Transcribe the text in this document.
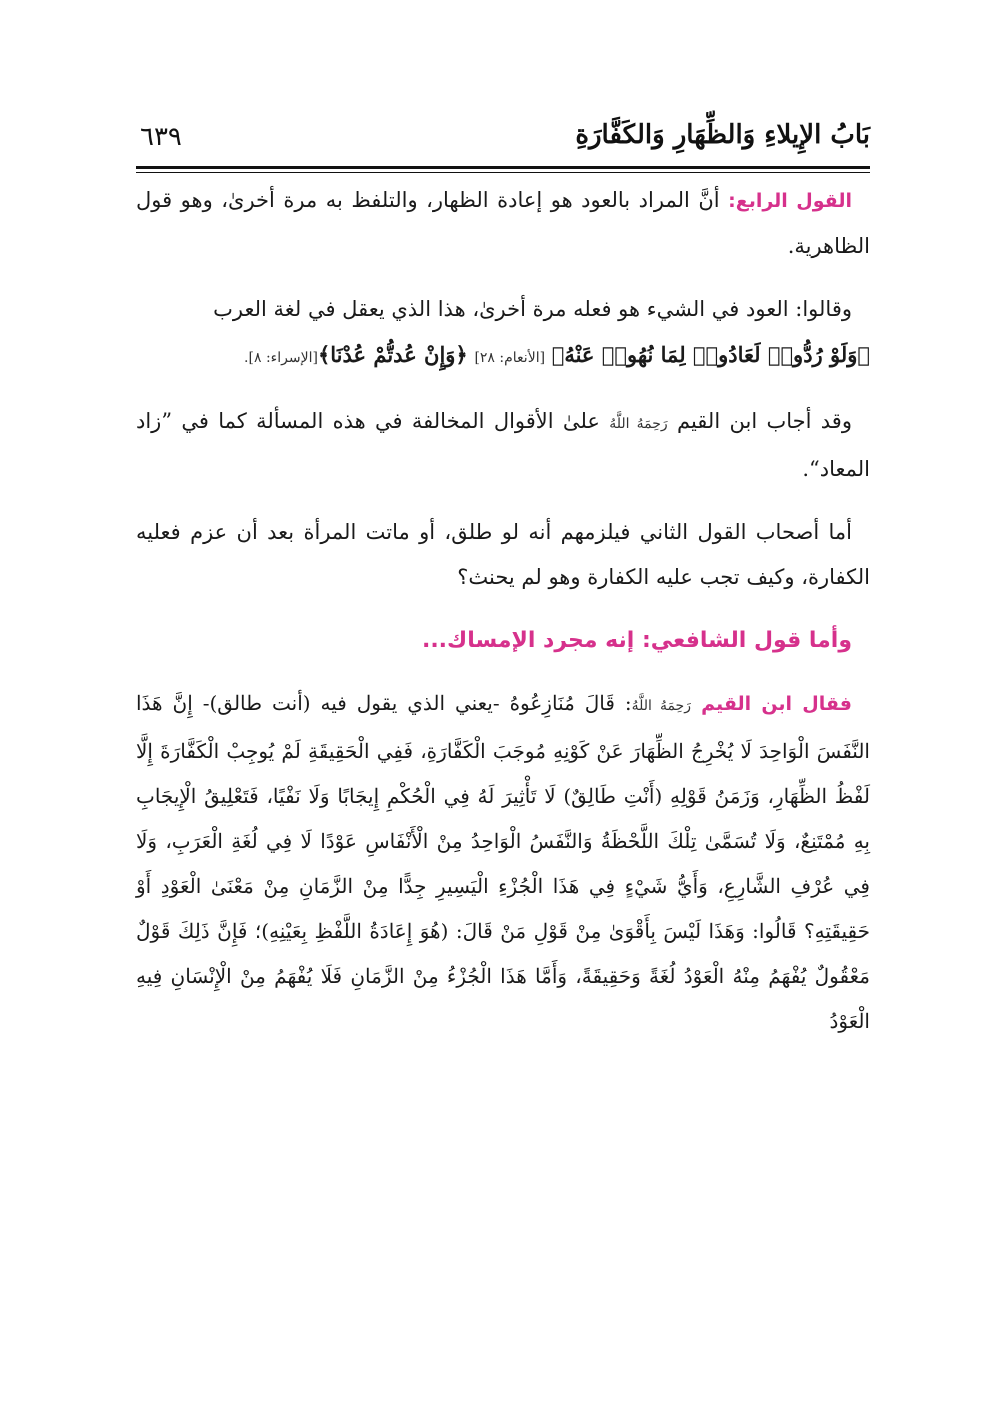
بَابُ الإِيلاءِ وَالظِّهَارِ وَالكَفَّارَةِ
٦٣٩

القول الرابع: أنَّ المراد بالعود هو إعادة الظهار، والتلفظ به مرة أخرىٰ، وهو قول الظاهرية.

وقالوا: العود في الشيء هو فعله مرة أخرىٰ، هذا الذي يعقل في لغة العرب
﴿وَلَوْ رُدُّوا۟ لَعَادُوا۟ لِمَا نُهُوا۟ عَنْهُ﴾ [الأنعام: ٢٨] ﴿وَإِنْ عُدتُّمْ عُدْنَا﴾[الإسراء: ٨].

وقد أجاب ابن القيم رَحِمَهُ اللَّهُ علىٰ الأقوال المخالفة في هذه المسألة كما في ”زاد المعاد“.

أما أصحاب القول الثاني فيلزمهم أنه لو طلق، أو ماتت المرأة بعد أن عزم فعليه الكفارة، وكيف تجب عليه الكفارة وهو لم يحنث؟

وأما قول الشافعي: إنه مجرد الإمساك...

فقال ابن القيم رَحِمَهُ اللَّهُ: قَالَ مُنَازِعُوهُ -يعني الذي يقول فيه (أنت طالق)- إِنَّ هَذَا النَّفَسَ الْوَاحِدَ لَا يُخْرِجُ الظِّهَارَ عَنْ كَوْنِهِ مُوجَبَ الْكَفَّارَةِ، فَفِي الْحَقِيقَةِ لَمْ يُوجِبْ الْكَفَّارَةَ إِلَّا لَفْظُ الظِّهَارِ، وَزَمَنُ قَوْلِهِ (أَنْتِ طَالِقٌ) لَا تَأْثِيرَ لَهُ فِي الْحُكْمِ إِيجَابًا وَلَا نَفْيًا، فَتَعْلِيقُ الْإِيجَابِ بِهِ مُمْتَنِعٌ، وَلَا تُسَمَّىٰ تِلْكَ اللَّحْظَةُ وَالنَّفَسُ الْوَاحِدُ مِنْ الْأَنْفَاسِ عَوْدًا لَا فِي لُغَةِ الْعَرَبِ، وَلَا فِي عُرْفِ الشَّارِعِ، وَأَيُّ شَيْءٍ فِي هَذَا الْجُزْءِ الْيَسِيرِ جِدًّا مِنْ الزَّمَانِ مِنْ مَعْنَىٰ الْعَوْدِ أَوْ حَقِيقَتِهِ؟ قَالُوا: وَهَذَا لَيْسَ بِأَقْوَىٰ مِنْ قَوْلِ مَنْ قَالَ: (هُوَ إِعَادَةُ اللَّفْظِ بِعَيْنِهِ)؛ فَإِنَّ ذَلِكَ قَوْلٌ مَعْقُولٌ يُفْهَمُ مِنْهُ الْعَوْدُ لُغَةً وَحَقِيقَةً، وَأَمَّا هَذَا الْجُزْءُ مِنْ الزَّمَانِ فَلَا يُفْهَمُ مِنْ الْإِنْسَانِ فِيهِ الْعَوْدُ
